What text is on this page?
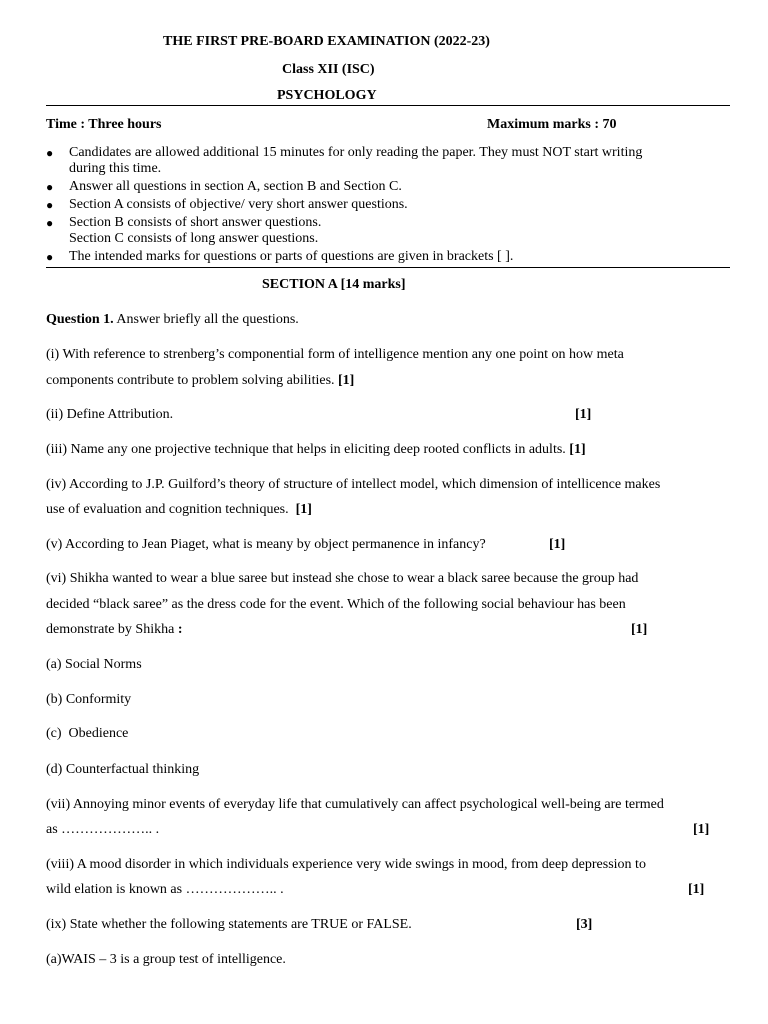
THE FIRST PRE-BOARD EXAMINATION (2022-23)
Class XII (ISC)
PSYCHOLOGY
Time : Three hours	Maximum marks : 70
● Candidates are allowed additional 15 minutes for only reading the paper. They must NOT start writing
during this time.
● Answer all questions in section A, section B and Section C.
● Section A consists of objective/ very short answer questions.
● Section B consists of short answer questions.
Section C consists of long answer questions.
● The intended marks for questions or parts of questions are given in brackets [ ].
SECTION A [14 marks]
Question 1. Answer briefly all the questions.
(i) With reference to strenberg’s componential form of intelligence mention any one point on how meta
components contribute to problem solving abilities. [1]
(ii) Define Attribution.	[1]
(iii) Name any one projective technique that helps in eliciting deep rooted conflicts in adults. [1]
(iv) According to J.P. Guilford’s theory of structure of intellect model, which dimension of intellicence makes
use of evaluation and cognition techniques. [1]
(v) According to Jean Piaget, what is meany by object permanence in infancy?	[1]
(vi) Shikha wanted to wear a blue saree but instead she chose to wear a black saree because the group had
decided “black saree” as the dress code for the event. Which of the following social behaviour has been
demonstrate by Shikha :	[1]
(a) Social Norms
(b) Conformity
(c)  Obedience
(d) Counterfactual thinking
(vii) Annoying minor events of everyday life that cumulatively can affect psychological well-being are termed
as ……………….. .	[1]
(viii) A mood disorder in which individuals experience very wide swings in mood, from deep depression to
wild elation is known as ……………….. .	[1]
(ix) State whether the following statements are TRUE or FALSE.	[3]
(a)WAIS – 3 is a group test of intelligence.
